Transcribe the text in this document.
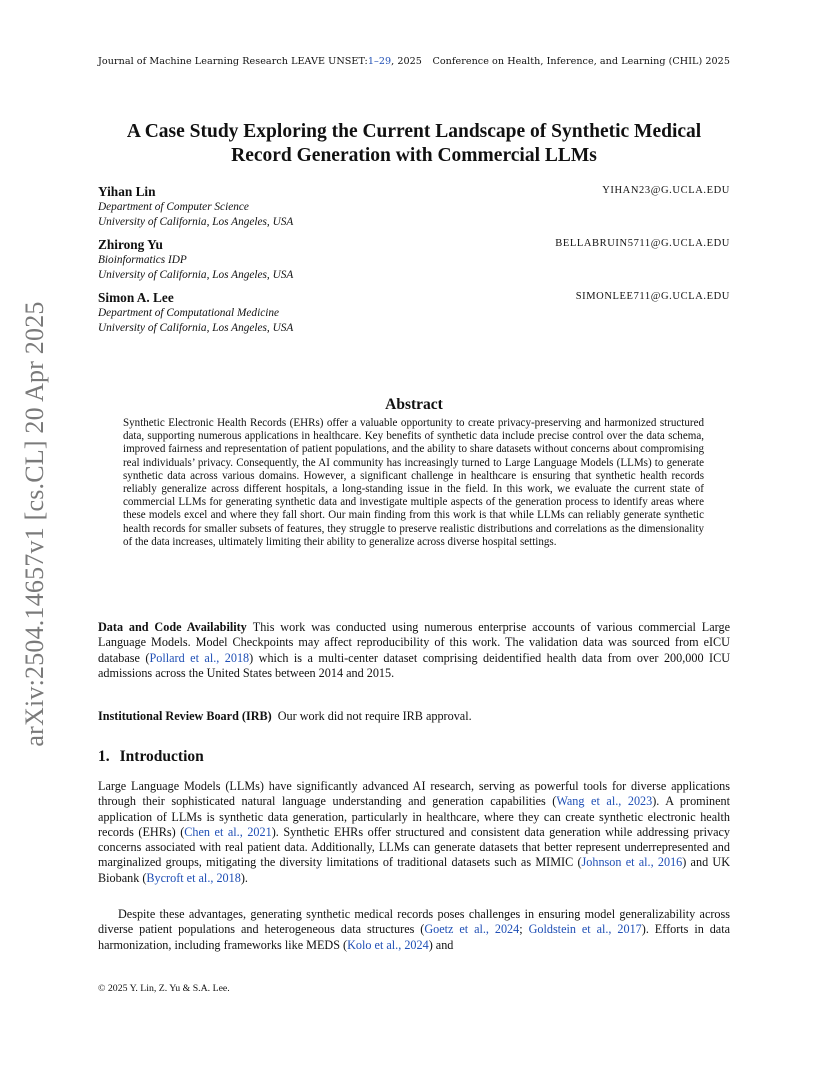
Journal of Machine Learning Research LEAVE UNSET:1–29, 2025 Conference on Health, Inference, and Learning (CHIL) 2025
arXiv:2504.14657v1 [cs.CL] 20 Apr 2025
A Case Study Exploring the Current Landscape of Synthetic Medical Record Generation with Commercial LLMs
Yihan Lin	YIHAN23@G.UCLA.EDU
Department of Computer Science
University of California, Los Angeles, USA
Zhirong Yu	BELLABRUIN5711@G.UCLA.EDU
Bioinformatics IDP
University of California, Los Angeles, USA
Simon A. Lee	SIMONLEE711@G.UCLA.EDU
Department of Computational Medicine
University of California, Los Angeles, USA
Abstract
Synthetic Electronic Health Records (EHRs) offer a valuable opportunity to create privacy-preserving and harmonized structured data, supporting numerous applications in healthcare. Key benefits of synthetic data include precise control over the data schema, improved fairness and representation of patient populations, and the ability to share datasets without concerns about compromising real individuals’ privacy. Consequently, the AI community has increasingly turned to Large Language Models (LLMs) to generate synthetic data across various domains. However, a significant challenge in healthcare is ensuring that synthetic health records reliably generalize across different hospitals, a long-standing issue in the field. In this work, we evaluate the current state of commercial LLMs for generating synthetic data and investigate multiple aspects of the generation process to identify areas where these models excel and where they fall short. Our main finding from this work is that while LLMs can reliably generate synthetic health records for smaller subsets of features, they struggle to preserve realistic distributions and correlations as the dimensionality of the data increases, ultimately limiting their ability to generalize across diverse hospital settings.
Data and Code Availability This work was conducted using numerous enterprise accounts of various commercial Large Language Models. Model Checkpoints may affect reproducibility of this work. The validation data was sourced from eICU database (Pollard et al., 2018) which is a multi-center dataset comprising deidentified health data from over 200,000 ICU admissions across the United States between 2014 and 2015.
Institutional Review Board (IRB) Our work did not require IRB approval.
1. Introduction
Large Language Models (LLMs) have significantly advanced AI research, serving as powerful tools for diverse applications through their sophisticated natural language understanding and generation capabilities (Wang et al., 2023). A prominent application of LLMs is synthetic data generation, particularly in healthcare, where they can create synthetic electronic health records (EHRs) (Chen et al., 2021). Synthetic EHRs offer structured and consistent data generation while addressing privacy concerns associated with real patient data. Additionally, LLMs can generate datasets that better represent underrepresented and marginalized groups, mitigating the diversity limitations of traditional datasets such as MIMIC (Johnson et al., 2016) and UK Biobank (Bycroft et al., 2018).
Despite these advantages, generating synthetic medical records poses challenges in ensuring model generalizability across diverse patient populations and heterogeneous data structures (Goetz et al., 2024; Goldstein et al., 2017). Efforts in data harmonization, including frameworks like MEDS (Kolo et al., 2024) and
© 2025 Y. Lin, Z. Yu & S.A. Lee.
